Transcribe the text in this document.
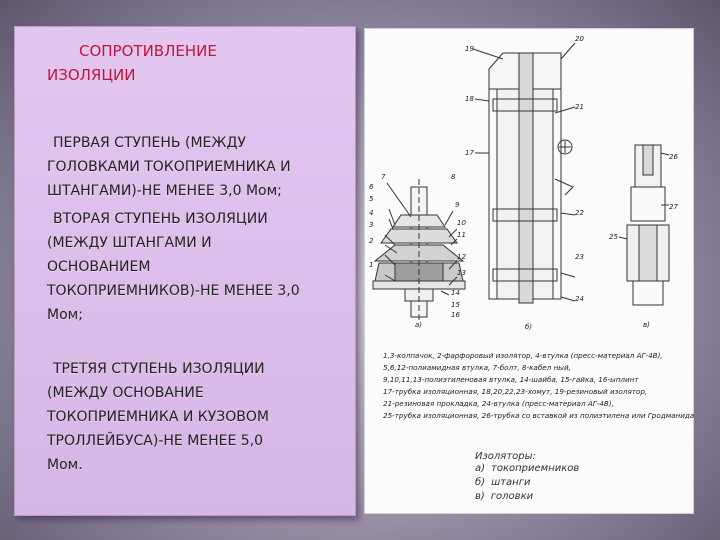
СОПРОТИВЛЕНИЕ
ИЗОЛЯЦИИ
ПЕРВАЯ СТУПЕНЬ (МЕЖДУ
ГОЛОВКАМИ ТОКОПРИЕМНИКА И
ШТАНГАМИ)-НЕ МЕНЕЕ 3,0 Мом;
ВТОРАЯ СТУПЕНЬ ИЗОЛЯЦИИ
(МЕЖДУ ШТАНГАМИ И
ОСНОВАНИЕМ
ТОКОПРИЕМНИКОВ)-НЕ МЕНЕЕ 3,0
Мом;
ТРЕТЯЯ СТУПЕНЬ ИЗОЛЯЦИИ
(МЕЖДУ ОСНОВАНИЕ
ТОКОПРИЕМНИКА И КУЗОВОМ
ТРОЛЛЕЙБУСА)-НЕ МЕНЕЕ 5,0
Мом.
7	8
6
5
4
3
2
1
9
10
11
12
13
14
15
16
20
19
18
17
21
22
23
24
26
27
25
а)	б)	в)
1,3-колпачок, 2-фарфоровый изолятор, 4-втулка (пресс-материал АГ-4В),
5,6,12-полиамидная втулка, 7-болт, 8-кабел ный,
9,10,11,13-полиэтиленовая втулка, 14-шайба, 15-гайка, 16-ыплинт
17-трубка изоляционная, 18,20,22,23-хомут, 19-резиновый изолятор,
21-резиновая прокладка, 24-втулка (пресс-материал АГ-4В),
25-трубка изоляционная, 26-трубка со вставкой из полиэтилена или Гродманида
Изоляторы:
а) токоприемников
б) штанги
в) головки
